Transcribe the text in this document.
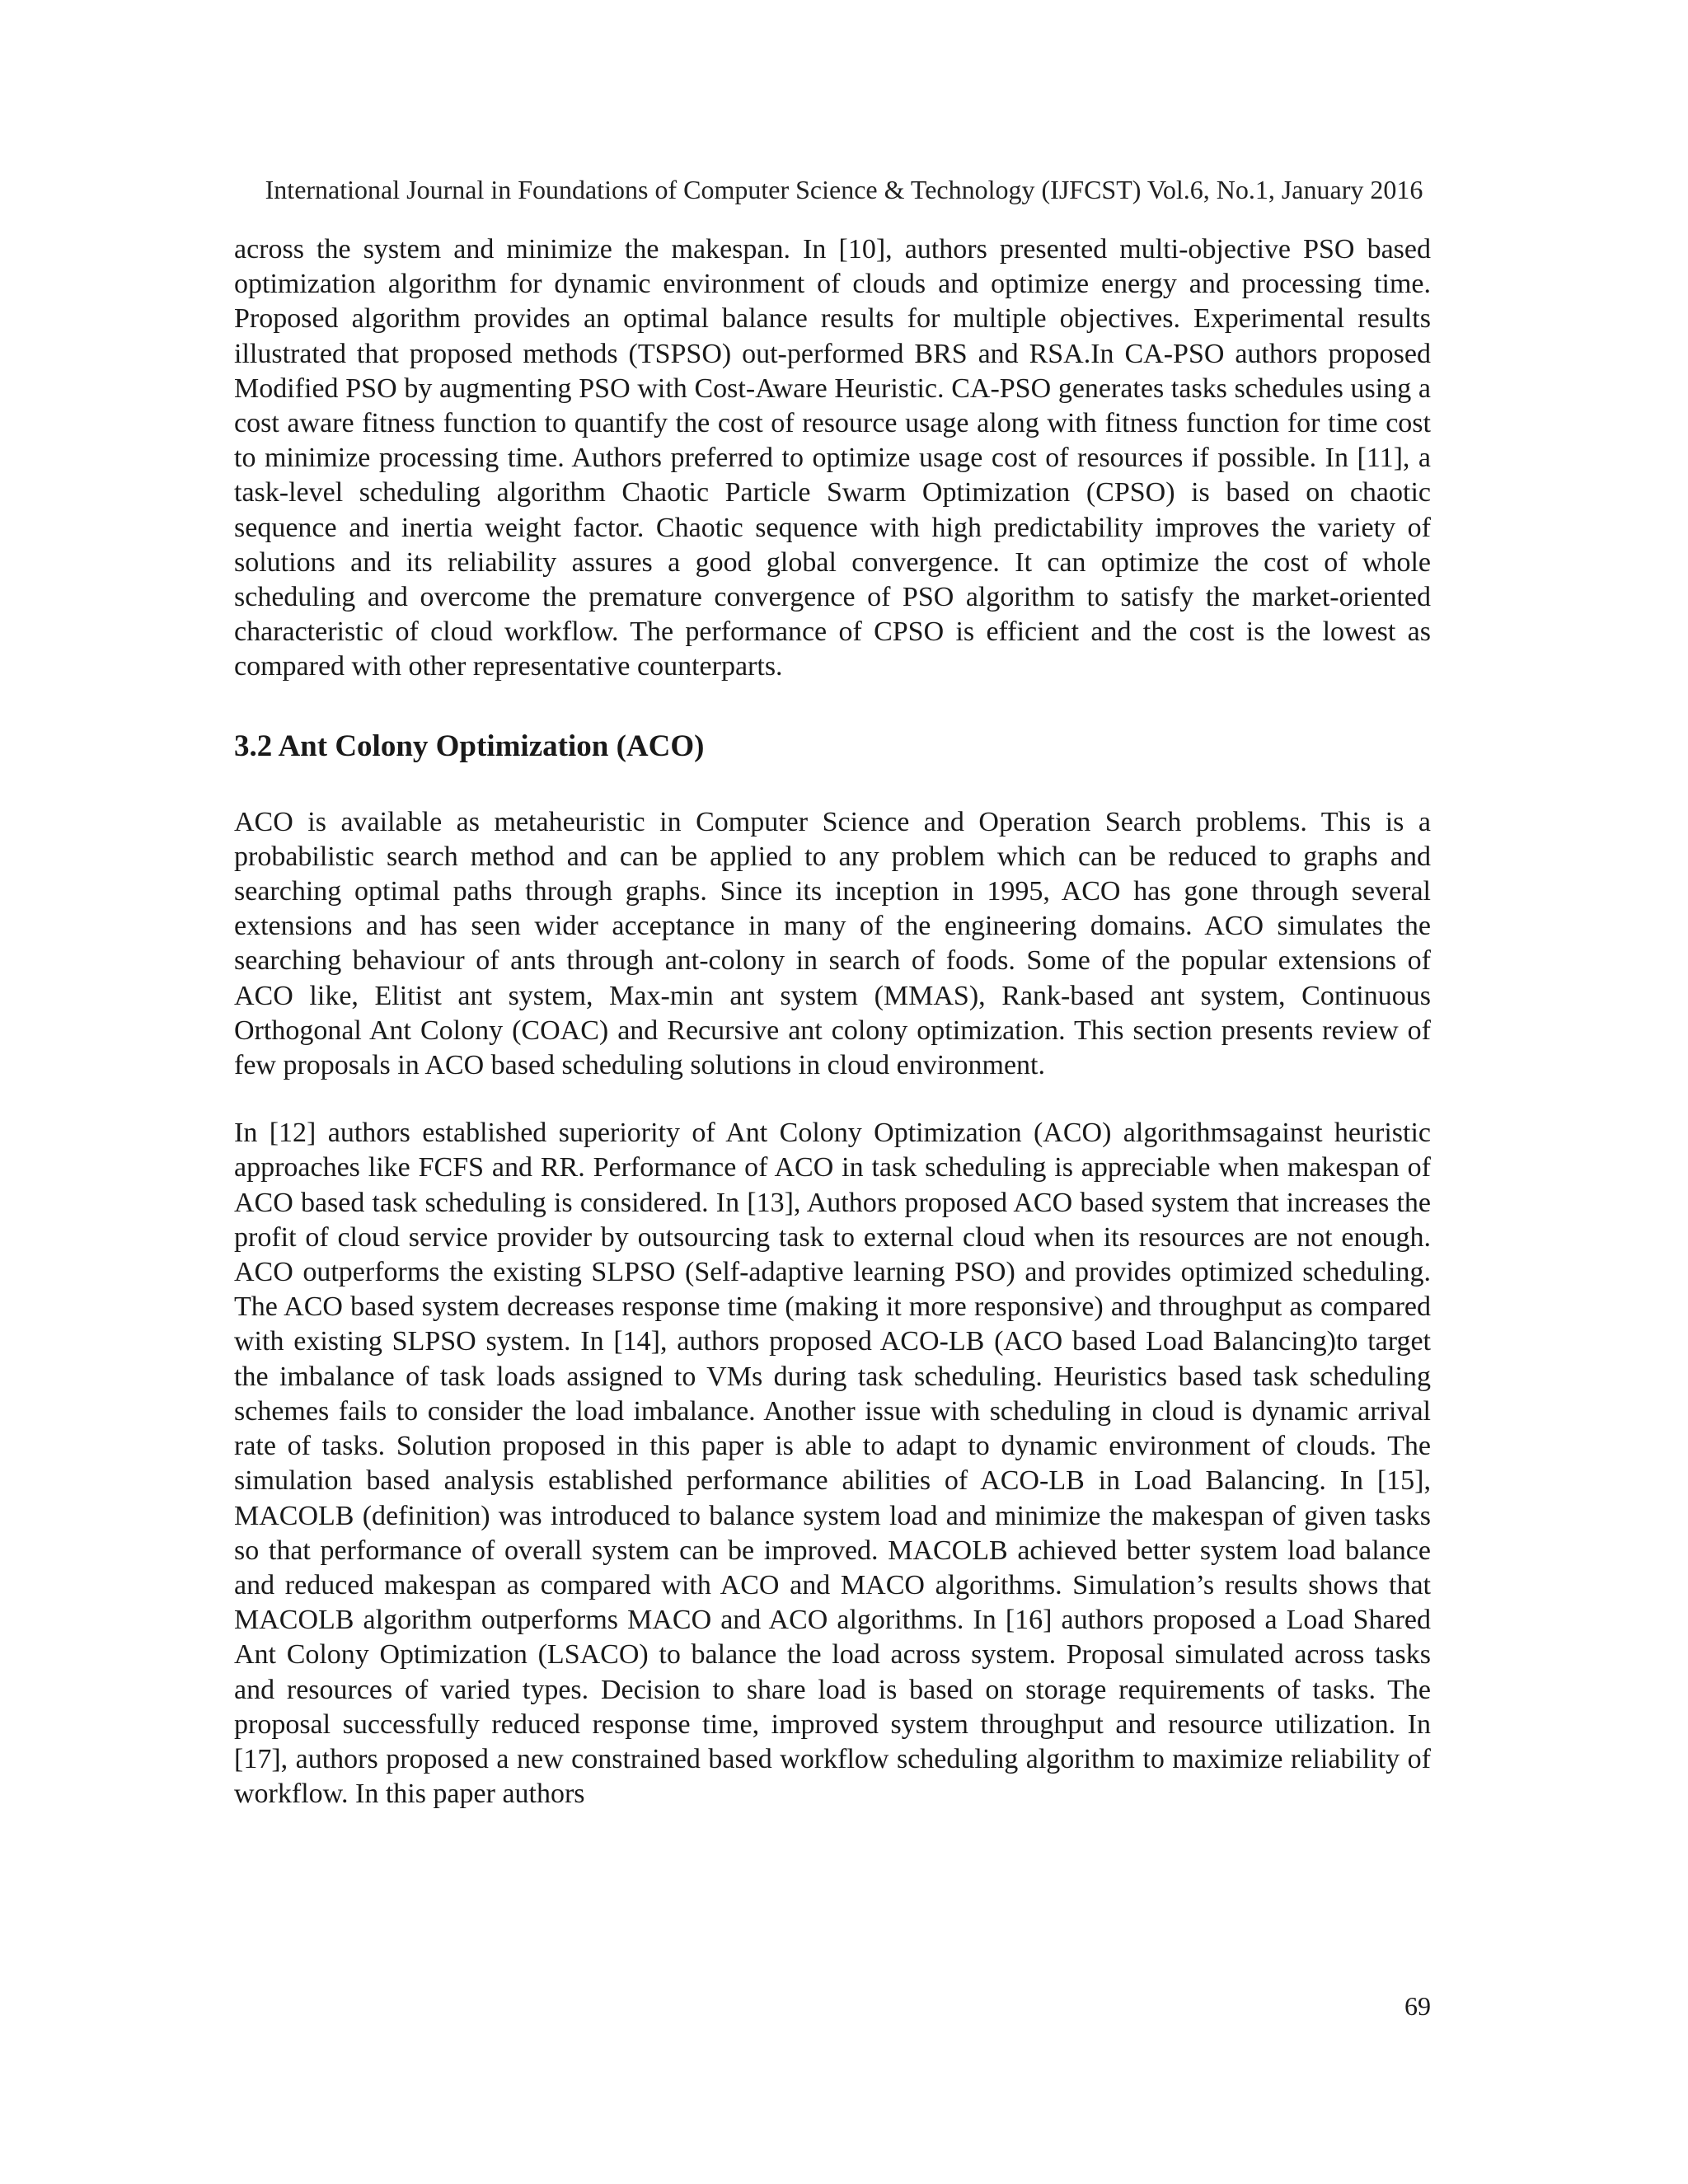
International Journal in Foundations of Computer Science & Technology (IJFCST) Vol.6, No.1, January 2016

across the system and minimize the makespan. In [10], authors presented multi-objective PSO based optimization algorithm for dynamic environment of clouds and optimize energy and processing time. Proposed algorithm provides an optimal balance results for multiple objectives. Experimental results illustrated that proposed methods (TSPSO) out-performed BRS and RSA.In CA-PSO authors proposed Modified PSO by augmenting PSO with Cost-Aware Heuristic. CA-PSO generates tasks schedules using a cost aware fitness function to quantify the cost of resource usage along with fitness function for time cost to minimize processing time. Authors preferred to optimize usage cost of resources if possible. In [11], a task-level scheduling algorithm Chaotic Particle Swarm Optimization (CPSO) is based on chaotic sequence and inertia weight factor. Chaotic sequence with high predictability improves the variety of solutions and its reliability assures a good global convergence. It can optimize the cost of whole scheduling and overcome the premature convergence of PSO algorithm to satisfy the market-oriented characteristic of cloud workflow. The performance of CPSO is efficient and the cost is the lowest as compared with other representative counterparts.

3.2 Ant Colony Optimization (ACO)

ACO is available as metaheuristic in Computer Science and Operation Search problems. This is a probabilistic search method and can be applied to any problem which can be reduced to graphs and searching optimal paths through graphs. Since its inception in 1995, ACO has gone through several extensions and has seen wider acceptance in many of the engineering domains. ACO simulates the searching behaviour of ants through ant-colony in search of foods. Some of the popular extensions of ACO like, Elitist ant system, Max-min ant system (MMAS), Rank-based ant system, Continuous Orthogonal Ant Colony (COAC) and Recursive ant colony optimization. This section presents review of few proposals in ACO based scheduling solutions in cloud environment.

In [12] authors established superiority of Ant Colony Optimization (ACO) algorithmsagainst heuristic approaches like FCFS and RR. Performance of ACO in task scheduling is appreciable when makespan of ACO based task scheduling is considered. In [13], Authors proposed ACO based system that increases the profit of cloud service provider by outsourcing task to external cloud when its resources are not enough. ACO outperforms the existing SLPSO (Self-adaptive learning PSO) and provides optimized scheduling. The ACO based system decreases response time (making it more responsive) and throughput as compared with existing SLPSO system. In [14], authors proposed ACO-LB (ACO based Load Balancing)to target the imbalance of task loads assigned to VMs during task scheduling. Heuristics based task scheduling schemes fails to consider the load imbalance. Another issue with scheduling in cloud is dynamic arrival rate of tasks. Solution proposed in this paper is able to adapt to dynamic environment of clouds. The simulation based analysis established performance abilities of ACO-LB in Load Balancing. In [15], MACOLB (definition) was introduced to balance system load and minimize the makespan of given tasks so that performance of overall system can be improved. MACOLB achieved better system load balance and reduced makespan as compared with ACO and MACO algorithms. Simulation’s results shows that MACOLB algorithm outperforms MACO and ACO algorithms. In [16] authors proposed a Load Shared Ant Colony Optimization (LSACO) to balance the load across system. Proposal simulated across tasks and resources of varied types. Decision to share load is based on storage requirements of tasks. The proposal successfully reduced response time, improved system throughput and resource utilization. In [17], authors proposed a new constrained based workflow scheduling algorithm to maximize reliability of workflow. In this paper authors

69
